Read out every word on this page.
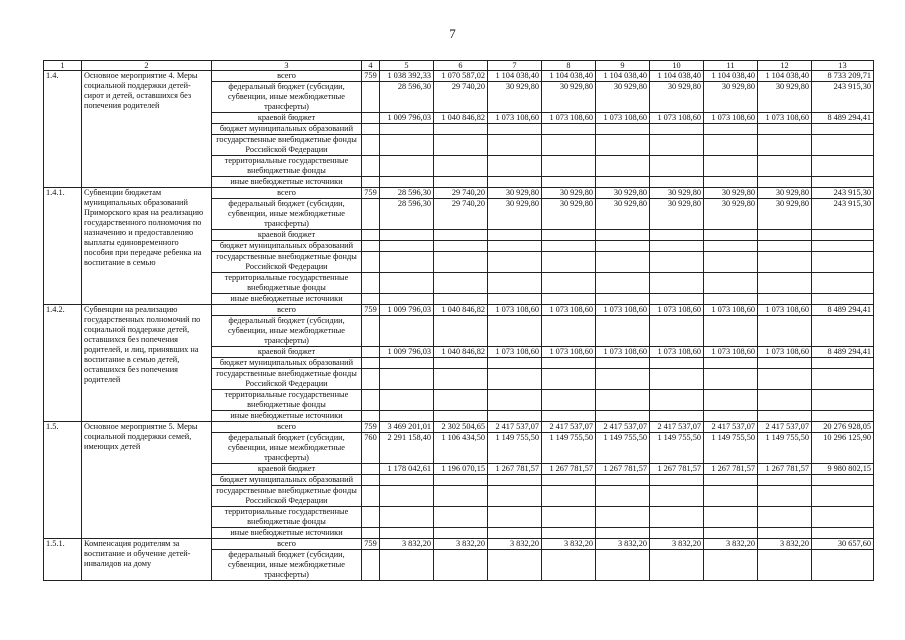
7
1	2	3	4	5	6	7	8	9	10	11	12	13
1.4.	Основное мероприятие 4. Меры социальной поддержки детей-сирот и детей, оставшихся без попечения родителей	всего	759	1 038 392,33	1 070 587,02	1 104 038,40	1 104 038,40	1 104 038,40	1 104 038,40	1 104 038,40	1 104 038,40	8 733 209,71
		федеральный бюджет (субсидии, субвенции, иные межбюджетные трансферты)		28 596,30	29 740,20	30 929,80	30 929,80	30 929,80	30 929,80	30 929,80	30 929,80	243 915,30
		краевой бюджет		1 009 796,03	1 040 846,82	1 073 108,60	1 073 108,60	1 073 108,60	1 073 108,60	1 073 108,60	1 073 108,60	8 489 294,41
		бюджет муниципальных образований										
		государственные внебюджетные фонды Российской Федерации										
		территориальные государственные внебюджетные фонды										
		иные внебюджетные источники										
1.4.1.	Субвенции бюджетам муниципальных образований Приморского края на реализацию государственного полномочия по назначению и предоставлению выплаты единовременного пособия при передаче ребенка на воспитание в семью	всего	759	28 596,30	29 740,20	30 929,80	30 929,80	30 929,80	30 929,80	30 929,80	30 929,80	243 915,30
		федеральный бюджет (субсидии, субвенции, иные межбюджетные трансферты)		28 596,30	29 740,20	30 929,80	30 929,80	30 929,80	30 929,80	30 929,80	30 929,80	243 915,30
		краевой бюджет										
		бюджет муниципальных образований										
		государственные внебюджетные фонды Российской Федерации										
		территориальные государственные внебюджетные фонды										
		иные внебюджетные источники										
1.4.2.	Субвенции на реализацию государственных полномочий по социальной поддержке детей, оставшихся без попечения родителей, и лиц, принявших на воспитание в семью детей, оставшихся без попечения родителей	всего	759	1 009 796,03	1 040 846,82	1 073 108,60	1 073 108,60	1 073 108,60	1 073 108,60	1 073 108,60	1 073 108,60	8 489 294,41
		федеральный бюджет (субсидии, субвенции, иные межбюджетные трансферты)										
		краевой бюджет		1 009 796,03	1 040 846,82	1 073 108,60	1 073 108,60	1 073 108,60	1 073 108,60	1 073 108,60	1 073 108,60	8 489 294,41
		бюджет муниципальных образований										
		государственные внебюджетные фонды Российской Федерации										
		территориальные государственные внебюджетные фонды										
		иные внебюджетные источники										
1.5.	Основное мероприятие 5. Меры социальной поддержки семей, имеющих детей	всего	759	3 469 201,01	2 302 504,65	2 417 537,07	2 417 537,07	2 417 537,07	2 417 537,07	2 417 537,07	2 417 537,07	20 276 928,05
		федеральный бюджет (субсидии, субвенции, иные межбюджетные трансферты)	760	2 291 158,40	1 106 434,50	1 149 755,50	1 149 755,50	1 149 755,50	1 149 755,50	1 149 755,50	1 149 755,50	10 296 125,90
		краевой бюджет		1 178 042,61	1 196 070,15	1 267 781,57	1 267 781,57	1 267 781,57	1 267 781,57	1 267 781,57	1 267 781,57	9 980 802,15
		бюджет муниципальных образований										
		государственные внебюджетные фонды Российской Федерации										
		территориальные государственные внебюджетные фонды										
		иные внебюджетные источники										
1.5.1.	Компенсация родителям за воспитание и обучение детей-инвалидов на дому	всего	759	3 832,20	3 832,20	3 832,20	3 832,20	3 832,20	3 832,20	3 832,20	3 832,20	30 657,60
		федеральный бюджет (субсидии, субвенции, иные межбюджетные трансферты)										
